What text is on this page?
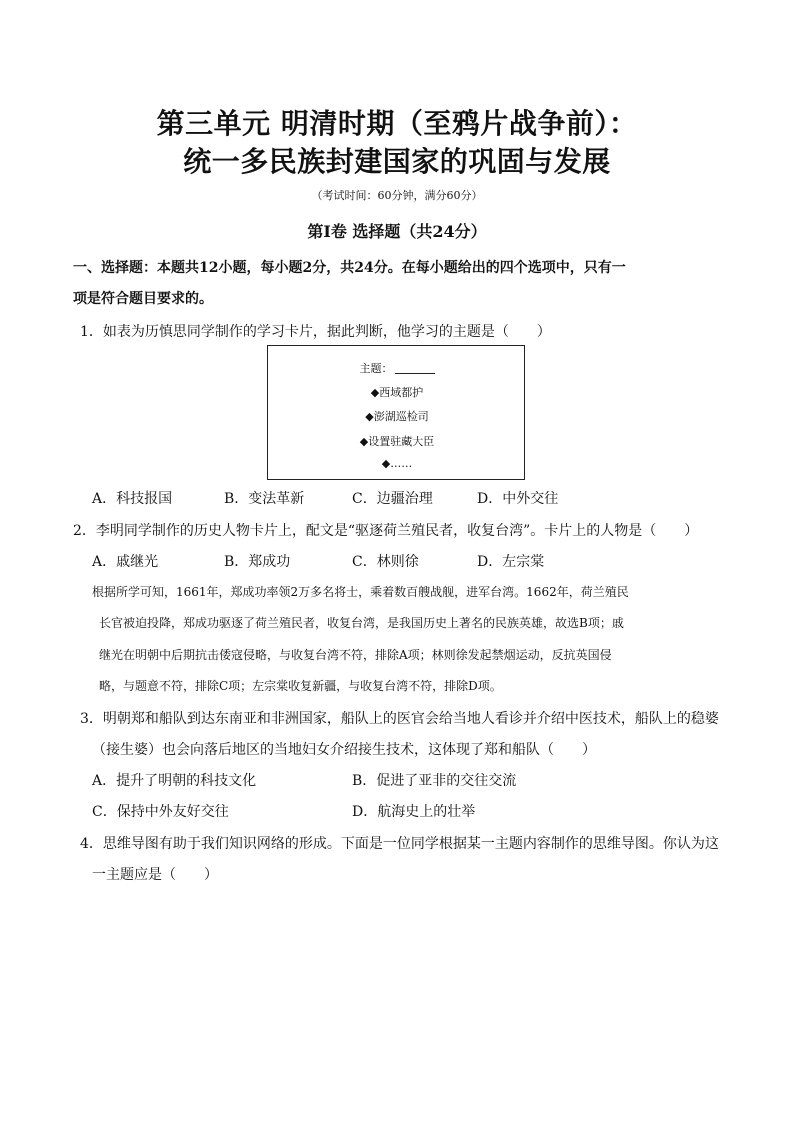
第三单元 明清时期（至鸦片战争前）：
统一多民族封建国家的巩固与发展
（考试时间：60分钟，满分60分）
第Ⅰ卷 选择题（共24分）
一、选择题：本题共12小题，每小题2分，共24分。在每小题给出的四个选项中，只有一
项是符合题目要求的。
1．如表为历慎思同学制作的学习卡片，据此判断，他学习的主题是（　　）
主题：
◆西域都护
◆澎湖巡检司
◆设置驻藏大臣
◆……
A．科技报国	B．变法革新	C．边疆治理	D．中外交往
2．李明同学制作的历史人物卡片上，配文是“驱逐荷兰殖民者，收复台湾”。卡片上的人物是（　　）
A．戚继光	B．郑成功	C．林则徐	D．左宗棠
根据所学可知，1661年，郑成功率领2万多名将士，乘着数百艘战舰，进军台湾。1662年，荷兰殖民
长官被迫投降，郑成功驱逐了荷兰殖民者，收复台湾，是我国历史上著名的民族英雄，故选B项；戚
继光在明朝中后期抗击倭寇侵略，与收复台湾不符，排除A项；林则徐发起禁烟运动，反抗英国侵
略，与题意不符，排除C项；左宗棠收复新疆，与收复台湾不符，排除D项。
3．明朝郑和船队到达东南亚和非洲国家，船队上的医官会给当地人看诊并介绍中医技术，船队上的稳婆
（接生婆）也会向落后地区的当地妇女介绍接生技术，这体现了郑和船队（　　）
A．提升了明朝的科技文化	B．促进了亚非的交往交流
C．保持中外友好交往	D．航海史上的壮举
4．思维导图有助于我们知识网络的形成。下面是一位同学根据某一主题内容制作的思维导图。你认为这
一主题应是（　　）
